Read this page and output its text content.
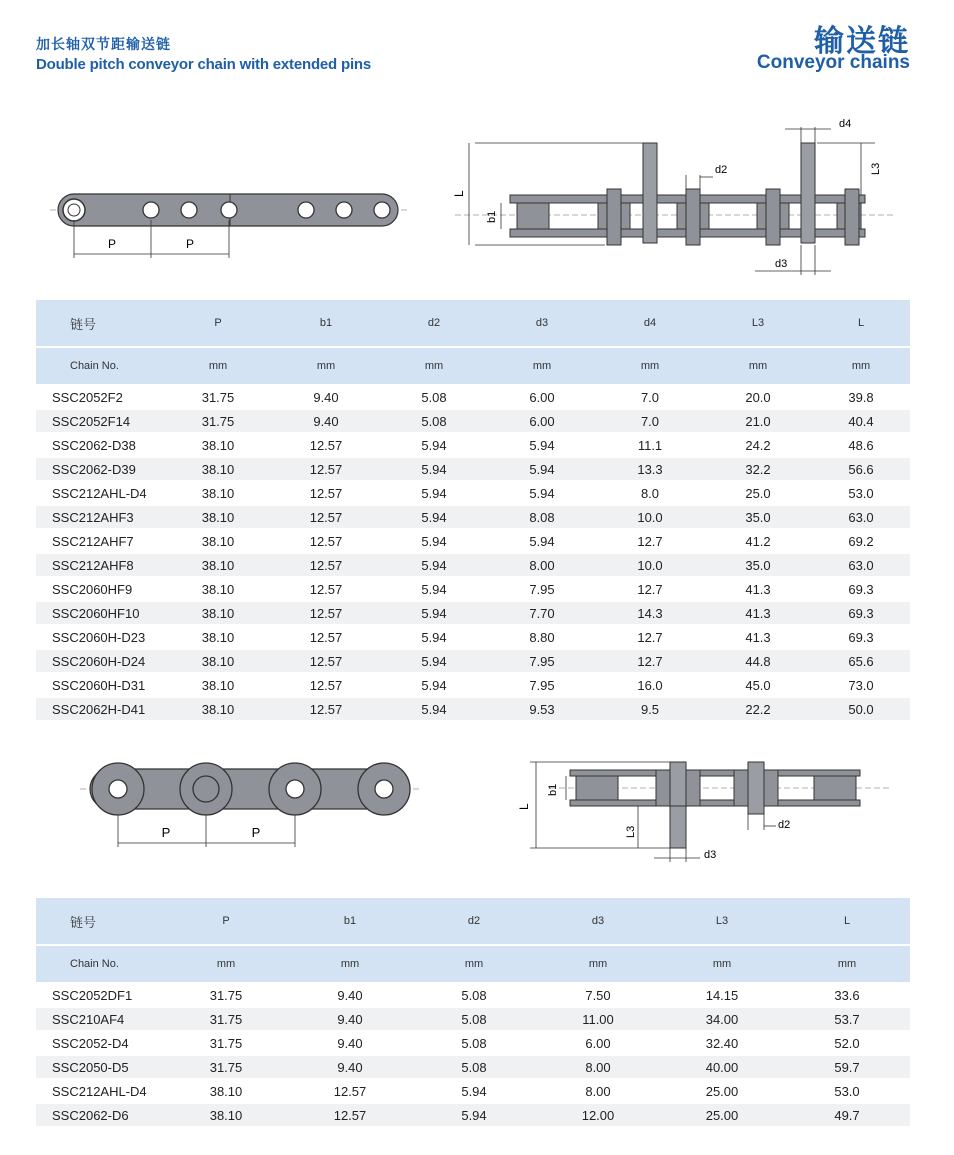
加长轴双节距输送链
Double pitch conveyor chain with extended pins
输送链
Conveyor chains
P	P
L
b1
d2
d4
L3
d3
链号	P	b1	d2	d3	d4	L3	L
Chain No.	mm	mm	mm	mm	mm	mm	mm
SSC2052F2	31.75	9.40	5.08	6.00	7.0	20.0	39.8
SSC2052F14	31.75	9.40	5.08	6.00	7.0	21.0	40.4
SSC2062-D38	38.10	12.57	5.94	5.94	11.1	24.2	48.6
SSC2062-D39	38.10	12.57	5.94	5.94	13.3	32.2	56.6
SSC212AHL-D4	38.10	12.57	5.94	5.94	8.0	25.0	53.0
SSC212AHF3	38.10	12.57	5.94	8.08	10.0	35.0	63.0
SSC212AHF7	38.10	12.57	5.94	5.94	12.7	41.2	69.2
SSC212AHF8	38.10	12.57	5.94	8.00	10.0	35.0	63.0
SSC2060HF9	38.10	12.57	5.94	7.95	12.7	41.3	69.3
SSC2060HF10	38.10	12.57	5.94	7.70	14.3	41.3	69.3
SSC2060H-D23	38.10	12.57	5.94	8.80	12.7	41.3	69.3
SSC2060H-D24	38.10	12.57	5.94	7.95	12.7	44.8	65.6
SSC2060H-D31	38.10	12.57	5.94	7.95	16.0	45.0	73.0
SSC2062H-D41	38.10	12.57	5.94	9.53	9.5	22.2	50.0
P	P
L
b1
L3
d2
d3
链号	P	b1	d2	d3	L3	L
Chain No.	mm	mm	mm	mm	mm	mm
SSC2052DF1	31.75	9.40	5.08	7.50	14.15	33.6
SSC210AF4	31.75	9.40	5.08	11.00	34.00	53.7
SSC2052-D4	31.75	9.40	5.08	6.00	32.40	52.0
SSC2050-D5	31.75	9.40	5.08	8.00	40.00	59.7
SSC212AHL-D4	38.10	12.57	5.94	8.00	25.00	53.0
SSC2062-D6	38.10	12.57	5.94	12.00	25.00	49.7
